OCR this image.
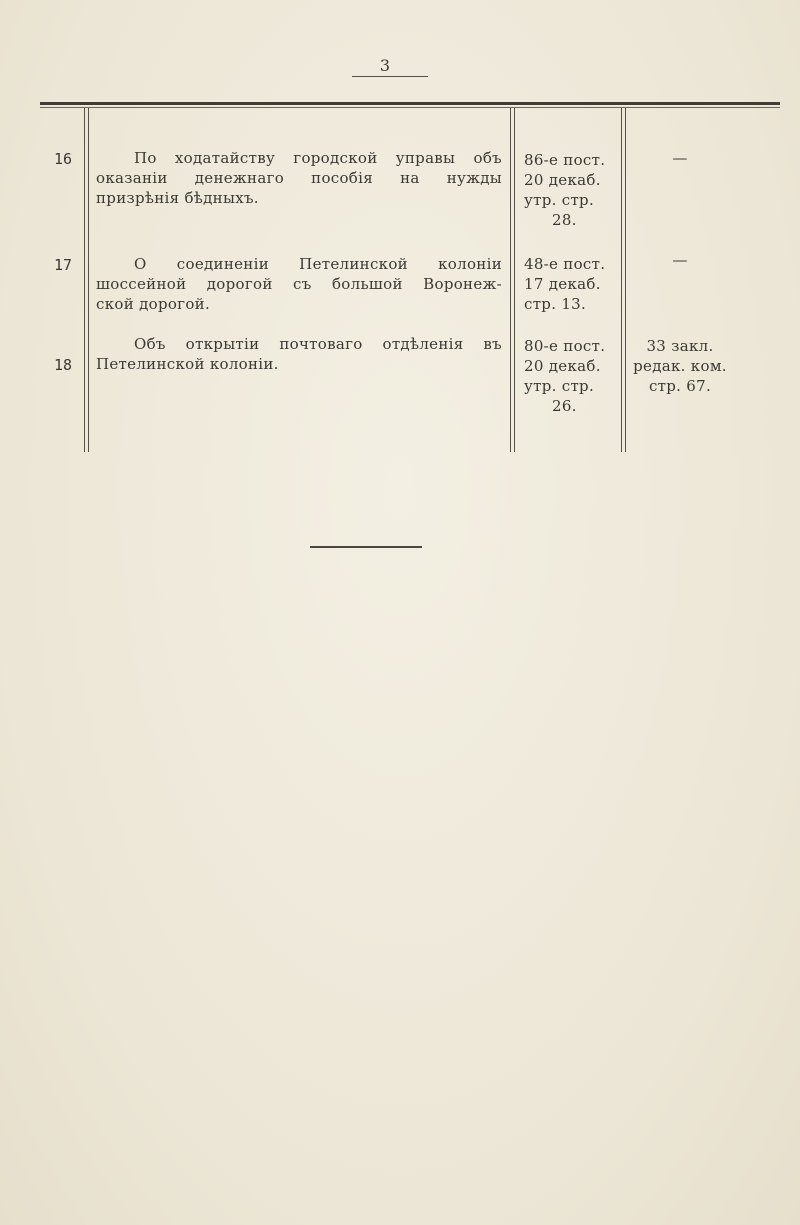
3
16	По ходатайству городской управы объ
оказаніи денежнаго пособія на нужды
призрѣнія бѣдныхъ.
86-е пост.
20 декаб.
утр. стр.
28.
—
17	О соединеніи Петелинской колоніи
шоссейной дорогой съ большой Воронеж-
ской дорогой.
48-е пост.
17 декаб.
стр. 13.
—
18
Объ открытіи почтоваго отдѣленія въ
Петелинской колоніи.
80-е пост.
20 декаб.
утр. стр.
26.
33 закл.
редак. ком.
стр. 67.
